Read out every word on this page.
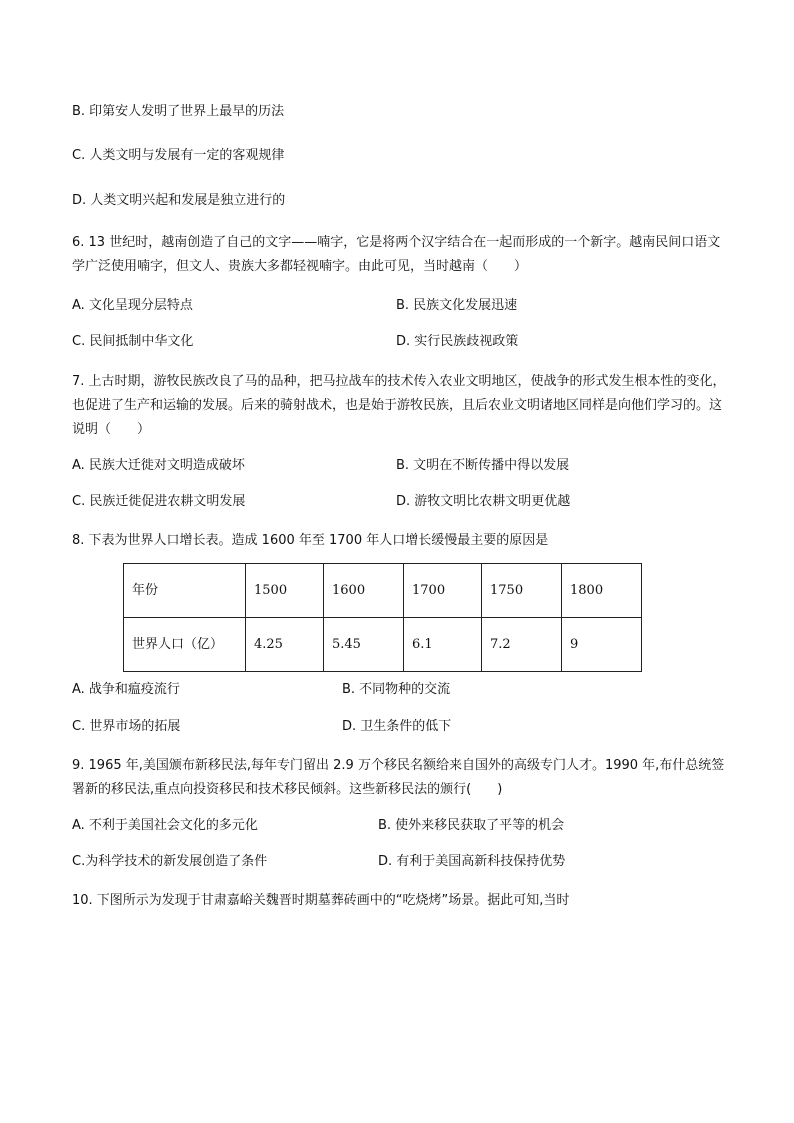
B. 印第安人发明了世界上最早的历法
C. 人类文明与发展有一定的客观规律
D. 人类文明兴起和发展是独立进行的
6. 13 世纪时，越南创造了自己的文字——喃字，它是将两个汉字结合在一起而形成的一个新字。越南民间口语文学广泛使用喃字，但文人、贵族大多都轻视喃字。由此可见，当时越南（　　）
A. 文化呈现分层特点	B. 民族文化发展迅速
C. 民间抵制中华文化	D. 实行民族歧视政策
7. 上古时期，游牧民族改良了马的品种，把马拉战车的技术传入农业文明地区，使战争的形式发生根本性的变化，也促进了生产和运输的发展。后来的骑射战术，也是始于游牧民族，且后农业文明诸地区同样是向他们学习的。这说明（　　）
A. 民族大迁徙对文明造成破坏	B. 文明在不断传播中得以发展
C. 民族迁徙促进农耕文明发展	D. 游牧文明比农耕文明更优越
8. 下表为世界人口增长表。造成 1600 年至 1700 年人口增长缓慢最主要的原因是
年份	1500	1600	1700	1750	1800
世界人口（亿）	4.25	5.45	6.1	7.2	9
A. 战争和瘟疫流行	B. 不同物种的交流
C. 世界市场的拓展	D. 卫生条件的低下
9. 1965 年,美国颁布新移民法,每年专门留出 2.9 万个移民名额给来自国外的高级专门人才。1990 年,布什总统签署新的移民法,重点向投资移民和技术移民倾斜。这些新移民法的颁行(　　)
A. 不利于美国社会文化的多元化	B. 使外来移民获取了平等的机会
C.为科学技术的新发展创造了条件	D. 有利于美国高新科技保持优势
10. 下图所示为发现于甘肃嘉峪关魏晋时期墓葬砖画中的“吃烧烤”场景。据此可知,当时
